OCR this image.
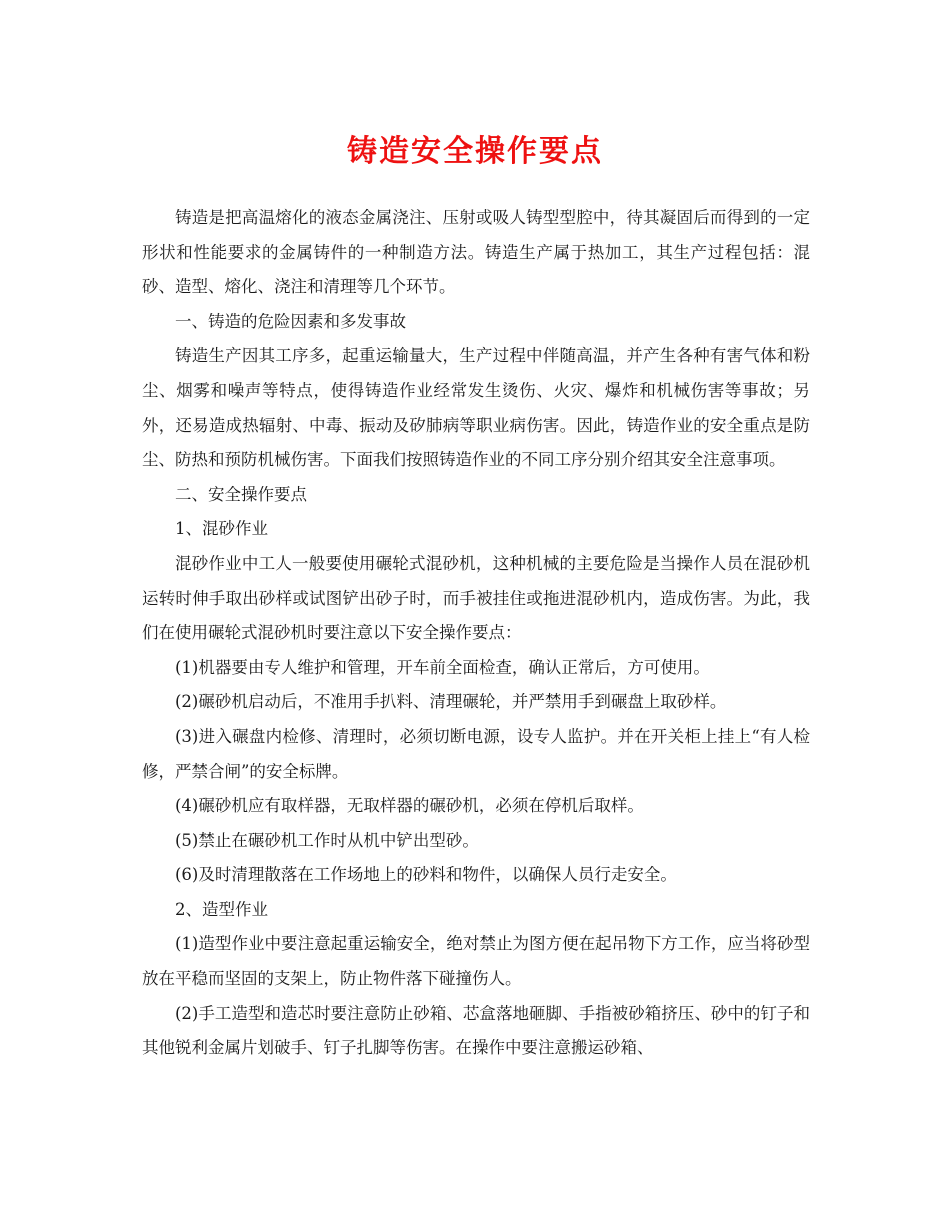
铸造安全操作要点

铸造是把高温熔化的液态金属浇注、压射或吸人铸型型腔中，待其凝固后而得到的一定形状和性能要求的金属铸件的一种制造方法。铸造生产属于热加工，其生产过程包括：混砂、造型、熔化、浇注和清理等几个环节。

一、铸造的危险因素和多发事故

铸造生产因其工序多，起重运输量大，生产过程中伴随高温，并产生各种有害气体和粉尘、烟雾和噪声等特点，使得铸造作业经常发生烫伤、火灾、爆炸和机械伤害等事故；另外，还易造成热辐射、中毒、振动及矽肺病等职业病伤害。因此，铸造作业的安全重点是防尘、防热和预防机械伤害。下面我们按照铸造作业的不同工序分别介绍其安全注意事项。

二、安全操作要点

1、混砂作业

混砂作业中工人一般要使用碾轮式混砂机，这种机械的主要危险是当操作人员在混砂机运转时伸手取出砂样或试图铲出砂子时，而手被挂住或拖进混砂机内，造成伤害。为此，我们在使用碾轮式混砂机时要注意以下安全操作要点：

(1)机器要由专人维护和管理，开车前全面检查，确认正常后，方可使用。

(2)碾砂机启动后，不准用手扒料、清理碾轮，并严禁用手到碾盘上取砂样。

(3)进入碾盘内检修、清理时，必须切断电源，设专人监护。并在开关柜上挂上“有人检修，严禁合闸”的安全标牌。

(4)碾砂机应有取样器，无取样器的碾砂机，必须在停机后取样。

(5)禁止在碾砂机工作时从机中铲出型砂。

(6)及时清理散落在工作场地上的砂料和物件，以确保人员行走安全。

2、造型作业

(1)造型作业中要注意起重运输安全，绝对禁止为图方便在起吊物下方工作，应当将砂型放在平稳而坚固的支架上，防止物件落下碰撞伤人。

(2)手工造型和造芯时要注意防止砂箱、芯盒落地砸脚、手指被砂箱挤压、砂中的钉子和其他锐利金属片划破手、钉子扎脚等伤害。在操作中要注意搬运砂箱、
